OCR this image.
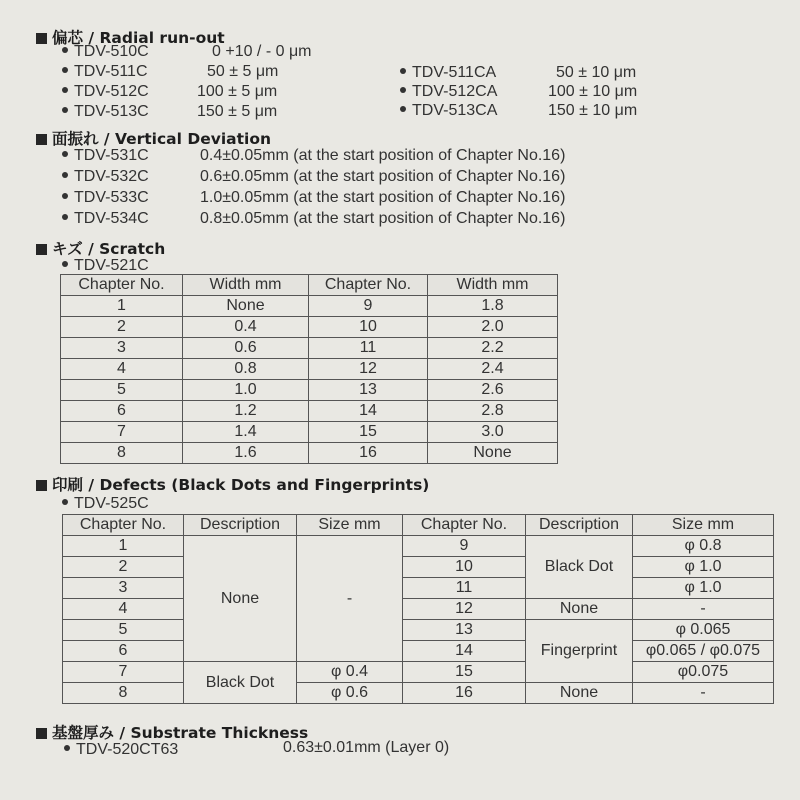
偏芯 / Radial run-out
TDV-510C	0 +10 / - 0 μm
TDV-511C	50 ± 5 μm
TDV-512C	100 ± 5 μm
TDV-513C	150 ± 5 μm
TDV-511CA	50 ± 10 μm
TDV-512CA	100 ± 10 μm
TDV-513CA	150 ± 10 μm
面振れ / Vertical Deviation
TDV-531C	0.4±0.05mm (at the start position of Chapter No.16)
TDV-532C	0.6±0.05mm (at the start position of Chapter No.16)
TDV-533C	1.0±0.05mm (at the start position of Chapter No.16)
TDV-534C	0.8±0.05mm (at the start position of Chapter No.16)
キズ / Scratch
TDV-521C
Chapter No.	Width mm	Chapter No.	Width mm
1	None	9	1.8
2	0.4	10	2.0
3	0.6	11	2.2
4	0.8	12	2.4
5	1.0	13	2.6
6	1.2	14	2.8
7	1.4	15	3.0
8	1.6	16	None
印刷 / Defects (Black Dots and Fingerprints)
TDV-525C
Chapter No.	Description	Size mm	Chapter No.	Description	Size mm
1	None	-	9	Black Dot	φ 0.8
2			10		φ 1.0
3			11		φ 1.0
4			12	None	-
5			13	Fingerprint	φ 0.065
6			14		φ0.065 / φ0.075
7	Black Dot	φ 0.4	15		φ0.075
8		φ 0.6	16	None	-
基盤厚み / Substrate Thickness
TDV-520CT63	0.63±0.01mm (Layer 0)
